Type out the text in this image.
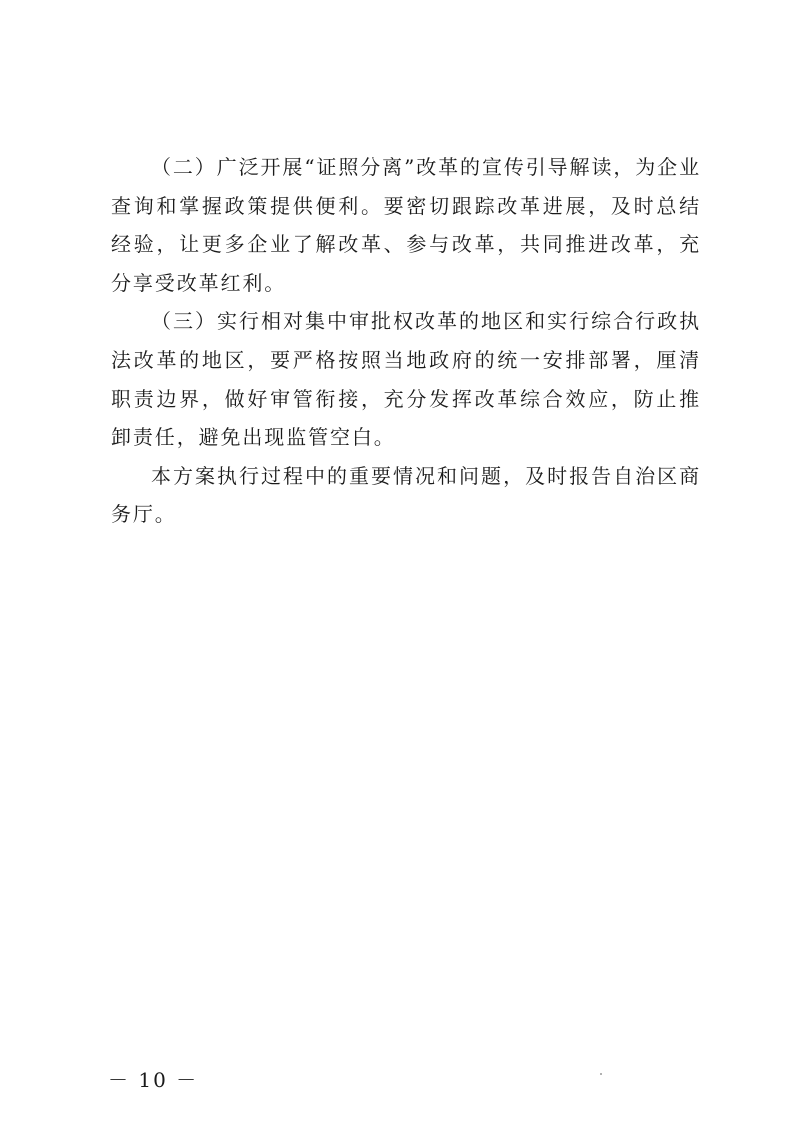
（二）广泛开展“证照分离”改革的宣传引导解读，为企业查询和掌握政策提供便利。要密切跟踪改革进展，及时总结经验，让更多企业了解改革、参与改革，共同推进改革，充分享受改革红利。

（三）实行相对集中审批权改革的地区和实行综合行政执法改革的地区，要严格按照当地政府的统一安排部署，厘清职责边界，做好审管衔接，充分发挥改革综合效应，防止推卸责任，避免出现监管空白。

本方案执行过程中的重要情况和问题，及时报告自治区商务厅。

－ 10 －
